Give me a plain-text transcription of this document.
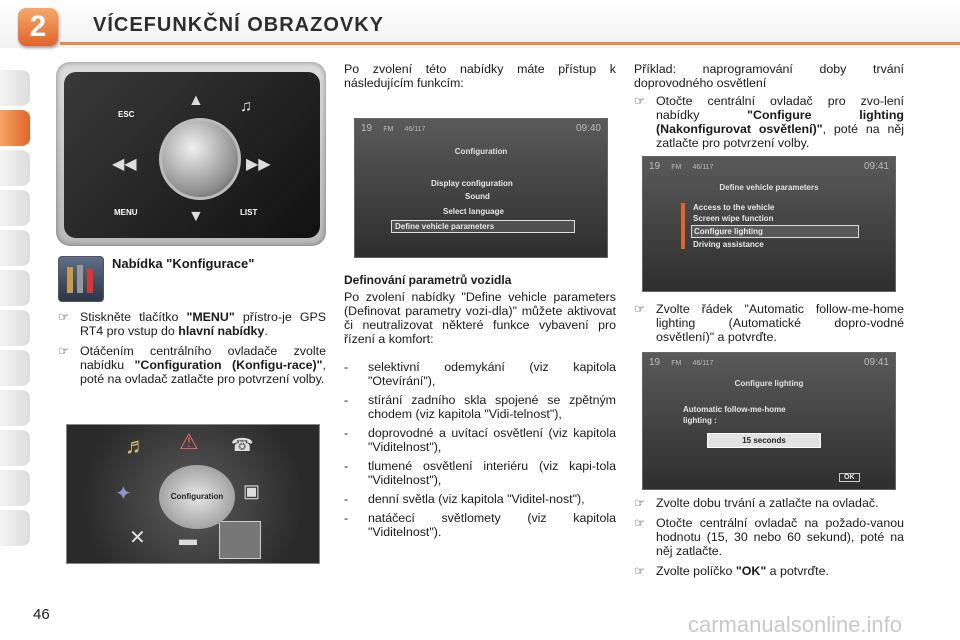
2	VÍCEFUNKČNÍ OBRAZOVKY
ESC
MENU	LIST
▲ ♫
◀◀	▶▶
▼
Nabídka "Konfigurace"
☞ Stiskněte tlačítko "MENU" přístro-je GPS RT4 pro vstup do hlavní nabídky.
☞ Otáčením centrálního ovladače zvolte nabídku "Configuration (Konfigu-race)", poté na ovladač zatlačte pro potvrzení volby.
♬ ⚠ ☎
✦	▣
✕ ▬
Configuration

Po zvolení této nabídky máte přístup k následujícím funkcím:

19 FM 46/117	09:40
Configuration
Display configuration
Sound
Select language
Define vehicle parameters
Definování parametrů vozidla

Po zvolení nabídky "Define vehicle parameters (Definovat parametry vozi-dla)" můžete aktivovat či neutralizovat některé funkce vybavení pro řízení a komfort:

- selektivní odemykání (viz kapitola "Otevírání"),
- stírání zadního skla spojené se zpětným chodem (viz kapitola "Vidi-telnost"),
- doprovodné a uvítací osvětlení (viz kapitola "Viditelnost"),
- tlumené osvětlení interiéru (viz kapi-tola "Viditelnost"),
- denní světla (viz kapitola "Viditel-nost"),
- natáčecí světlomety (viz kapitola "Viditelnost").

Příklad: naprogramování doby trvání doprovodného osvětlení

☞ Otočte centrální ovladač pro zvo-lení nabídky "Configure lighting (Nakonfigurovat osvětlení)", poté na něj zatlačte pro potvrzení volby.
19 FM 46/117	09:41
Define vehicle parameters
Access to the vehicle
Screen wipe function
Configure lighting
Driving assistance
☞ Zvolte řádek "Automatic follow-me-home lighting (Automatické dopro-vodné osvětlení)" a potvrďte.
19 FM 46/117	09:41
Configure lighting
Automatic follow-me-home
lighting :
15 seconds
OK
☞ Zvolte dobu trvání a zatlačte na ovladač.
☞ Otočte centrální ovladač na požado-vanou hodnotu (15, 30 nebo 60 sekund), poté na něj zatlačte.
☞ Zvolte políčko "OK" a potvrďte.
46	carmanualsonline.info
